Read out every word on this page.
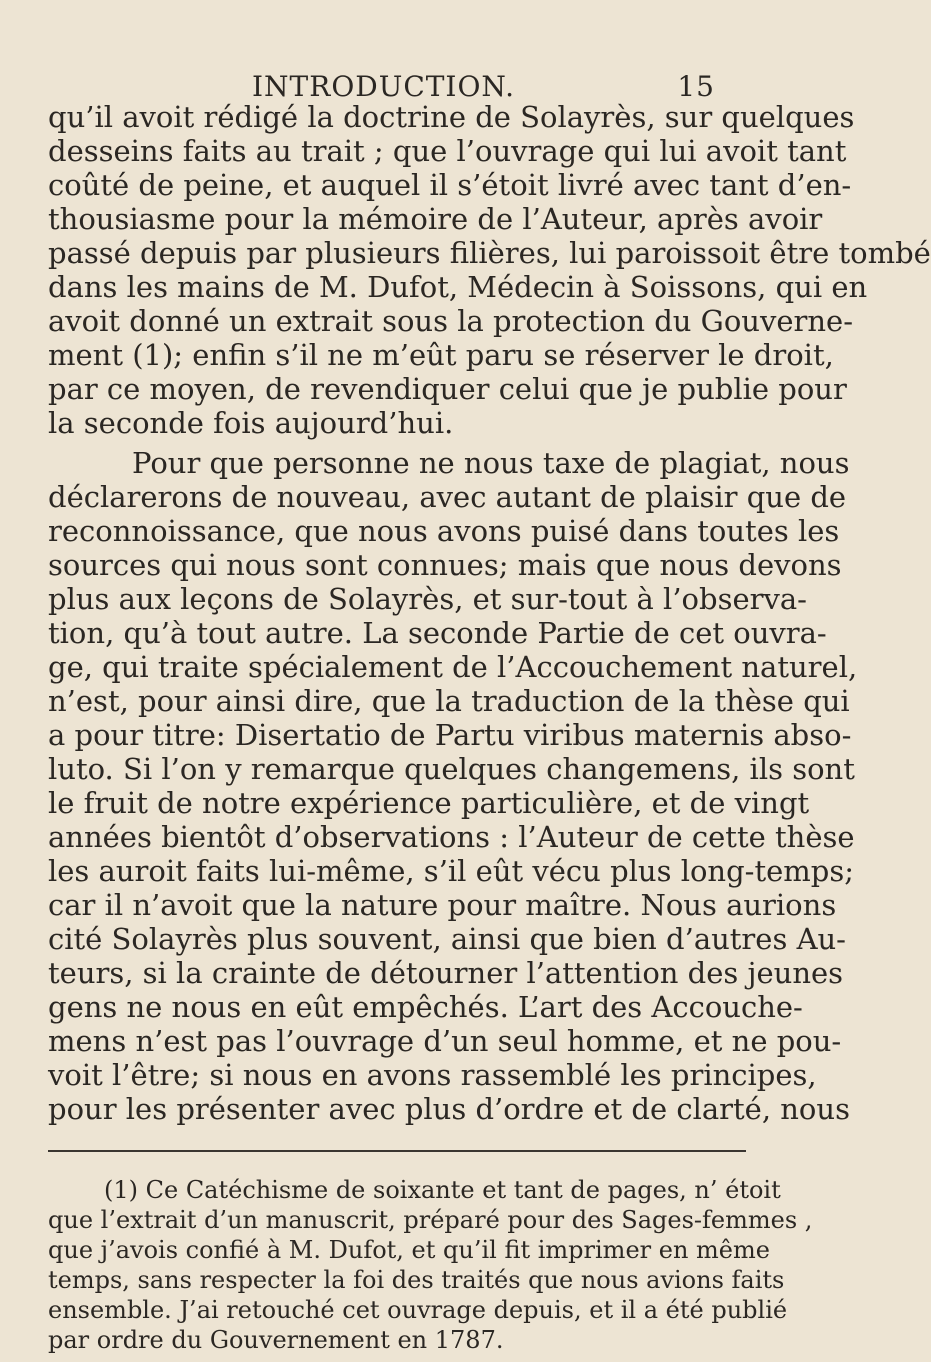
INTRODUCTION.	15
qu’il avoit rédigé la doctrine de Solayrès, sur quelques
desseins faits au trait ; que l’ouvrage qui lui avoit tant
coûté de peine, et auquel il s’étoit livré avec tant d’en-
thousiasme pour la mémoire de l’Auteur, après avoir
passé depuis par plusieurs filières, lui paroissoit être tombé
dans les mains de M. Dufot, Médecin à Soissons, qui en
avoit donné un extrait sous la protection du Gouverne-
ment (1); enfin s’il ne m’eût paru se réserver le droit,
par ce moyen, de revendiquer celui que je publie pour
la seconde fois aujourd’hui.
Pour que personne ne nous taxe de plagiat, nous
déclarerons de nouveau, avec autant de plaisir que de
reconnoissance, que nous avons puisé dans toutes les
sources qui nous sont connues; mais que nous devons
plus aux leçons de Solayrès, et sur-tout à l’observa-
tion, qu’à tout autre. La seconde Partie de cet ouvra-
ge, qui traite spécialement de l’Accouchement naturel,
n’est, pour ainsi dire, que la traduction de la thèse qui
a pour titre: Disertatio de Partu viribus maternis abso-
luto. Si l’on y remarque quelques changemens, ils sont
le fruit de notre expérience particulière, et de vingt
années bientôt d’observations : l’Auteur de cette thèse
les auroit faits lui-même, s’il eût vécu plus long-temps;
car il n’avoit que la nature pour maître. Nous aurions
cité Solayrès plus souvent, ainsi que bien d’autres Au-
teurs, si la crainte de détourner l’attention des jeunes
gens ne nous en eût empêchés. L’art des Accouche-
mens n’est pas l’ouvrage d’un seul homme, et ne pou-
voit l’être; si nous en avons rassemblé les principes,
pour les présenter avec plus d’ordre et de clarté, nous
(1) Ce Catéchisme de soixante et tant de pages, n’ étoit
que l’extrait d’un manuscrit, préparé pour des Sages-femmes ,
que j’avois confié à M. Dufot, et qu’il fit imprimer en même
temps, sans respecter la foi des traités que nous avions faits
ensemble. J’ai retouché cet ouvrage depuis, et il a été publié
par ordre du Gouvernement en 1787.
